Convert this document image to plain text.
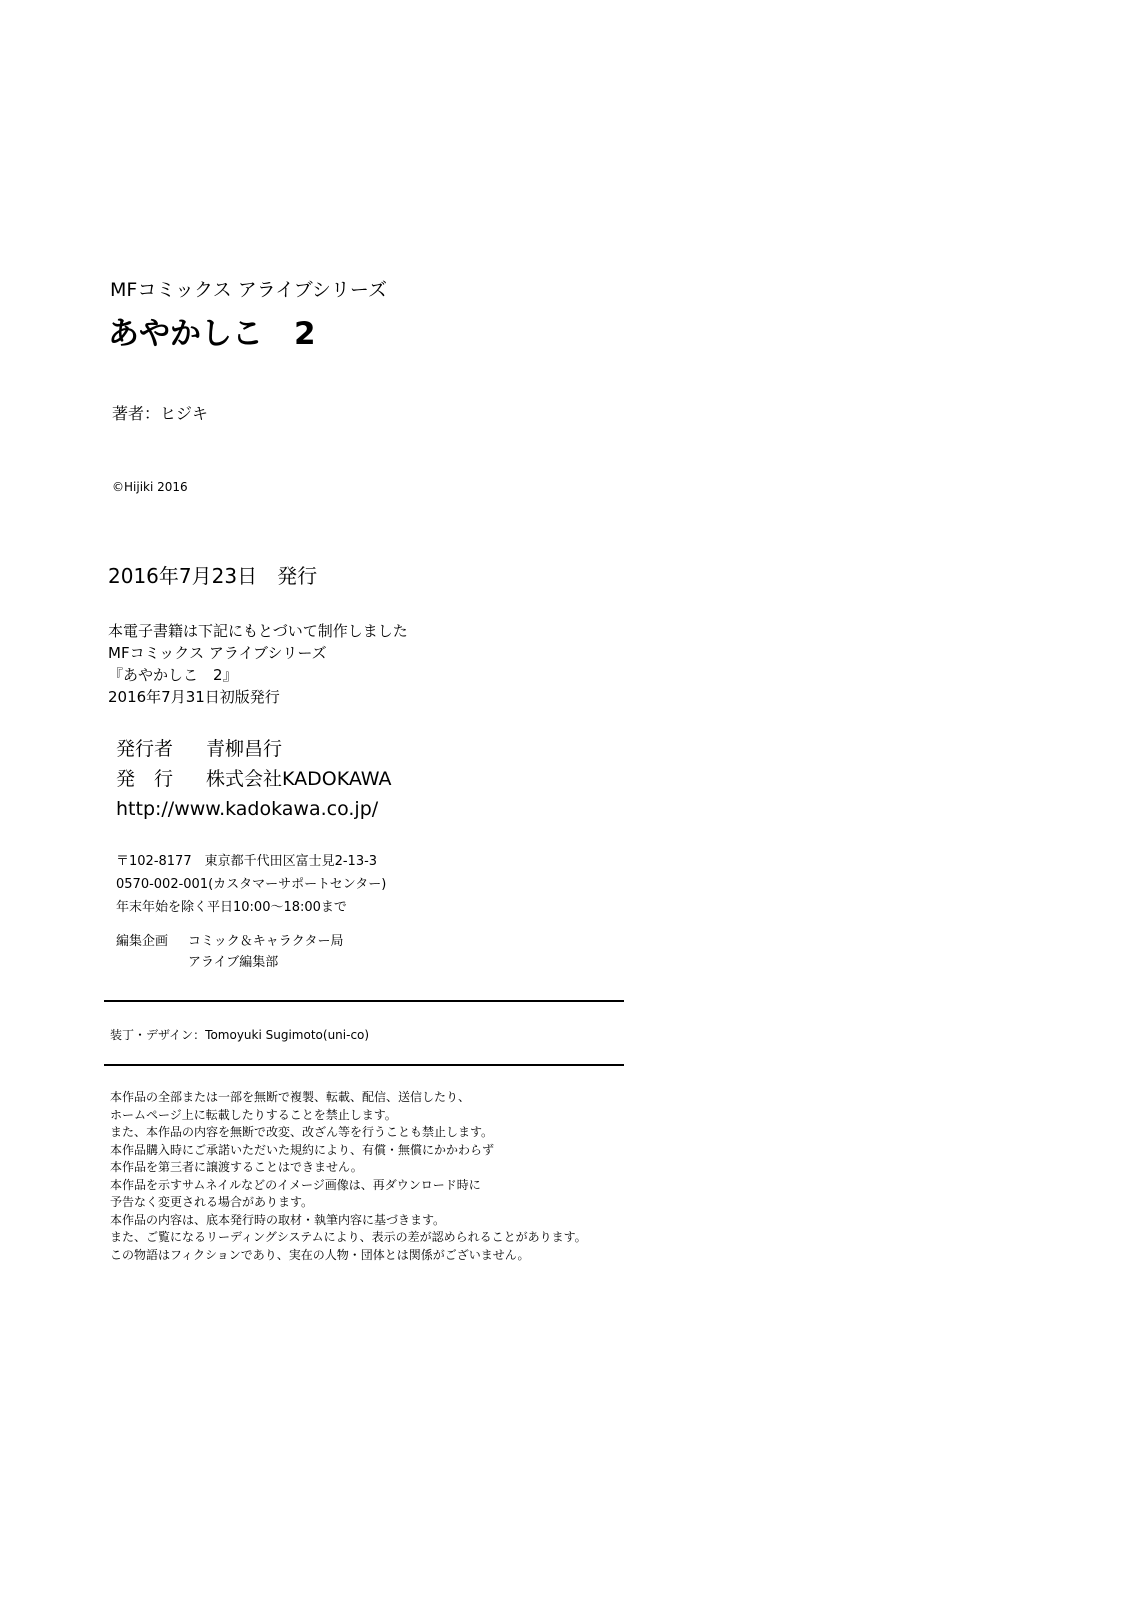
MFコミックス アライブシリーズ
あやかしこ　2
著者：ヒジキ
©Hijiki 2016
2016年7月23日　発行
本電子書籍は下記にもとづいて制作しました
MFコミックス アライブシリーズ
『あやかしこ　2』
2016年7月31日初版発行
発行者	青柳昌行
発　行	株式会社KADOKAWA
http://www.kadokawa.co.jp/
〒102-8177　東京都千代田区富士見2-13-3
0570-002-001(カスタマーサポートセンター)
年末年始を除く平日10:00～18:00まで
編集企画	コミック＆キャラクター局
アライブ編集部
装丁・デザイン：Tomoyuki Sugimoto(uni-co)
本作品の全部または一部を無断で複製、転載、配信、送信したり、
ホームページ上に転載したりすることを禁止します。
また、本作品の内容を無断で改変、改ざん等を行うことも禁止します。
本作品購入時にご承諾いただいた規約により、有償・無償にかかわらず
本作品を第三者に譲渡することはできません。
本作品を示すサムネイルなどのイメージ画像は、再ダウンロード時に
予告なく変更される場合があります。
本作品の内容は、底本発行時の取材・執筆内容に基づきます。
また、ご覧になるリーディングシステムにより、表示の差が認められることがあります。
この物語はフィクションであり、実在の人物・団体とは関係がございません。
